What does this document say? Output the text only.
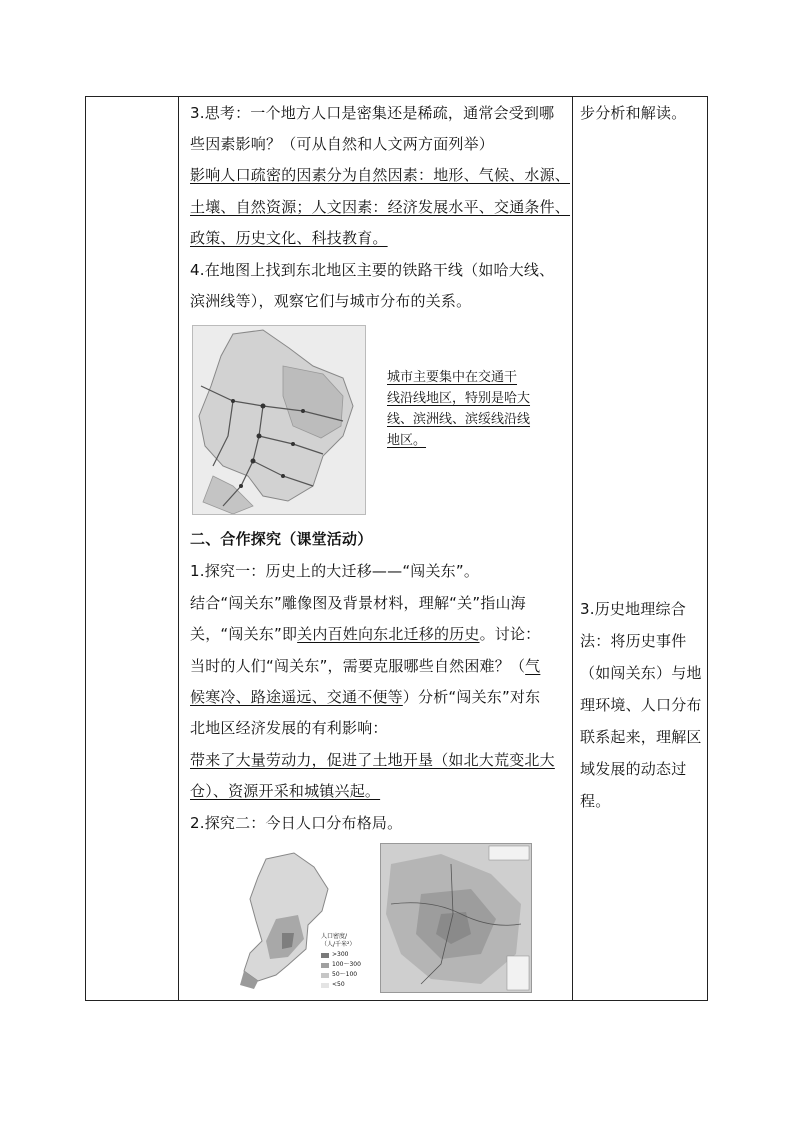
3.思考：一个地方人口是密集还是稀疏，通常会受到哪
些因素影响？（可从自然和人文两方面列举）
影响人口疏密的因素分为自然因素：地形、气候、水源、
土壤、自然资源；人文因素：经济发展水平、交通条件、
政策、历史文化、科技教育。
4.在地图上找到东北地区主要的铁路干线（如哈大线、
滨洲线等），观察它们与城市分布的关系。
城市主要集中在交通干
线沿线地区，特别是哈大
线、滨洲线、滨绥线沿线
地区。
二、合作探究（课堂活动）
1.探究一：历史上的大迁移——“闯关东”。
结合“闯关东”雕像图及背景材料，理解“关”指山海
关，“闯关东”即关内百姓向东北迁移的历史。讨论：
当时的人们“闯关东”，需要克服哪些自然困难？（气
候寒冷、路途遥远、交通不便等）分析“闯关东”对东
北地区经济发展的有利影响：
带来了大量劳动力，促进了土地开垦（如北大荒变北大
仓）、资源开采和城镇兴起。
2.探究二：今日人口分布格局。
人口密度/
（人/千米²）
>300
100～300
50～100
<50
步分析和解读。
3.历史地理综合
法：将历史事件
（如闯关东）与地
理环境、人口分布
联系起来，理解区
域发展的动态过
程。
